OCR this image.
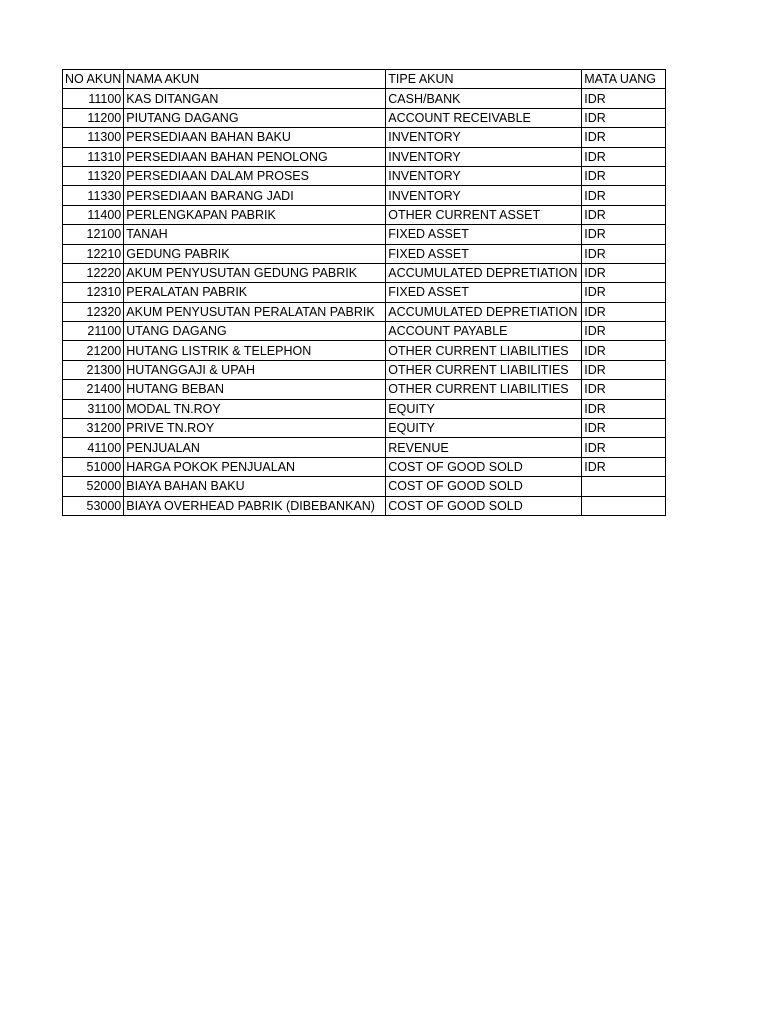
NO AKUN	NAMA AKUN	TIPE AKUN	MATA UANG
11100	KAS DITANGAN	CASH/BANK	IDR
11200	PIUTANG DAGANG	ACCOUNT RECEIVABLE	IDR
11300	PERSEDIAAN BAHAN BAKU	INVENTORY	IDR
11310	PERSEDIAAN BAHAN PENOLONG	INVENTORY	IDR
11320	PERSEDIAAN DALAM PROSES	INVENTORY	IDR
11330	PERSEDIAAN BARANG JADI	INVENTORY	IDR
11400	PERLENGKAPAN PABRIK	OTHER CURRENT ASSET	IDR
12100	TANAH	FIXED ASSET	IDR
12210	GEDUNG PABRIK	FIXED ASSET	IDR
12220	AKUM PENYUSUTAN GEDUNG PABRIK	ACCUMULATED DEPRETIATION	IDR
12310	PERALATAN PABRIK	FIXED ASSET	IDR
12320	AKUM PENYUSUTAN PERALATAN PABRIK	ACCUMULATED DEPRETIATION	IDR
21100	UTANG DAGANG	ACCOUNT PAYABLE	IDR
21200	HUTANG LISTRIK & TELEPHON	OTHER CURRENT LIABILITIES	IDR
21300	HUTANGGAJI & UPAH	OTHER CURRENT LIABILITIES	IDR
21400	HUTANG BEBAN	OTHER CURRENT LIABILITIES	IDR
31100	MODAL TN.ROY	EQUITY	IDR
31200	PRIVE TN.ROY	EQUITY	IDR
41100	PENJUALAN	REVENUE	IDR
51000	HARGA POKOK PENJUALAN	COST OF GOOD SOLD	IDR
52000	BIAYA BAHAN BAKU	COST OF GOOD SOLD	
53000	BIAYA OVERHEAD PABRIK (DIBEBANKAN)	COST OF GOOD SOLD	
